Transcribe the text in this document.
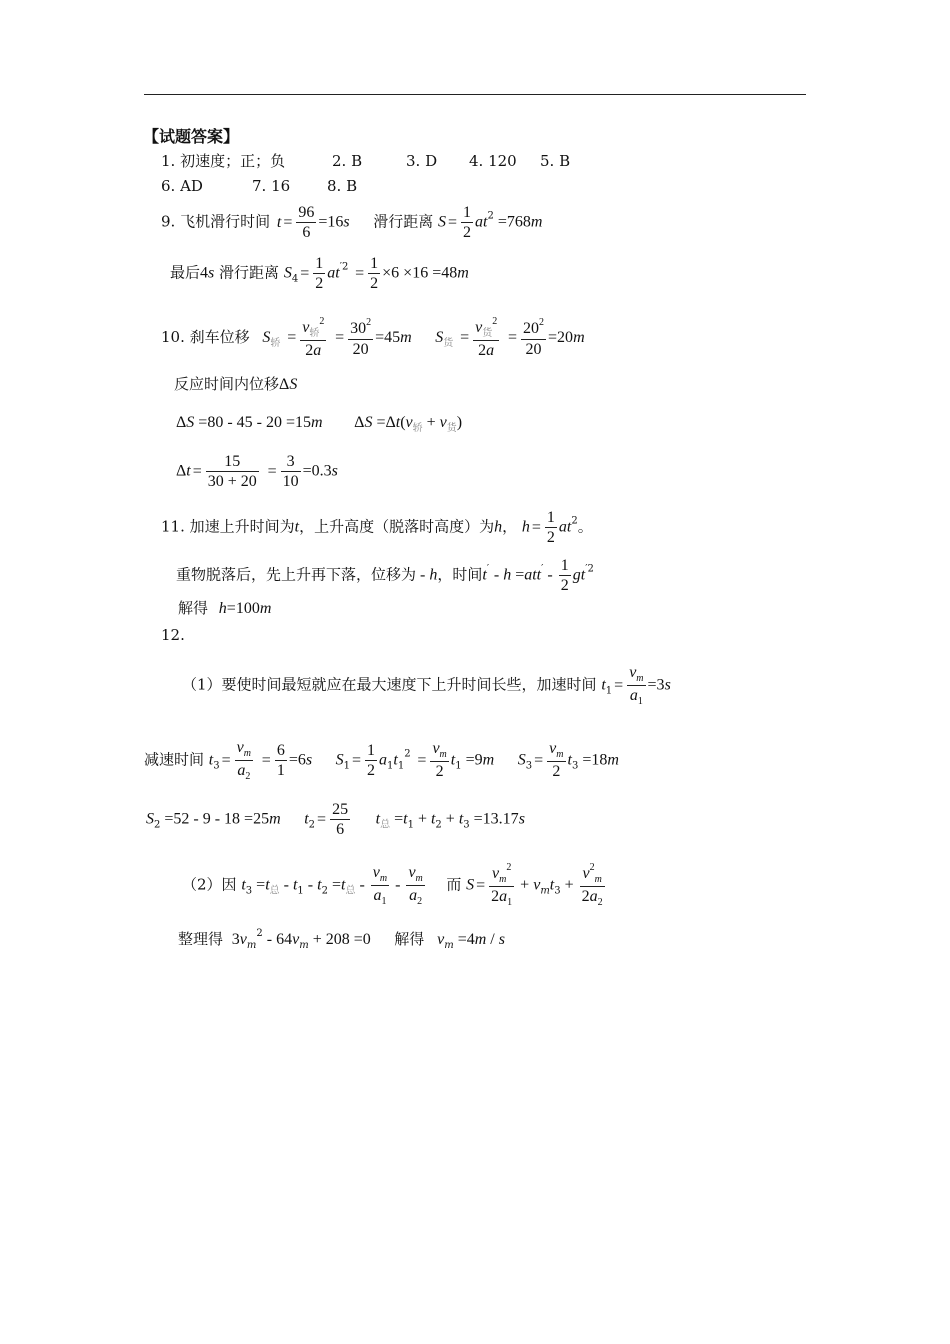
【试题答案】
1. 初速度；正；负	2. B	3. D 4. 120 5. B
6. AD	7. 16 8. B
9. 飞机滑行时间 $t = \frac{96}{6} =16s$ 滑行距离 $S = \frac{1}{2} at^2 =768m$
最后4s 滑行距离 $S_4 = \frac{1}{2} at^{'2} = \frac{1}{2} \times 6 \times 16 =48m$
10. 刹车位移 $S_轿 = \frac{v_轿^2}{2a} = \frac{30^2}{20} =45m$ $S_货 = \frac{v_货^2}{2a} = \frac{20^2}{20} =20m$
反应时间内位移ΔS
ΔS =80 - 45 - 20 =15m $\Delta S =\Delta t(v_轿 + v_货)$
$\Delta t = \frac{15}{30 + 20} = \frac{3}{10} =0.3s$
11. 加速上升时间为t，上升高度（脱落时高度）为h， $h = \frac{1}{2} at^2$。
重物脱落后，先上升再下落，位移为 - h，时间$t' - h =att' - \frac{1}{2} gt^{'2}$
解得 h=100m
12.
（1）要使时间最短就应在最大速度下上升时间长些，加速时间 $t_1 = \frac{v_m}{a_1} =3s$
减速时间 $t_3 = \frac{v_m}{a_2} = \frac{6}{1} =6s$ $S_1 = \frac{1}{2} a_1t_1^2 = \frac{v_m}{2} t_1 =9m$ $S_3 = \frac{v_m}{2} t_3 =18m$
$S_2 =52 - 9 - 18 =25m$ $t_2 = \frac{25}{6} t_总 =t_1 + t_2 + t_3 =13.17s$
（2）因 $t_3 =t_总 - t_1 - t_2 =t_总 - \frac{v_m}{a_1} - \frac{v_m}{a_2}$ 而 $S = \frac{v_m^2}{2a_1} + v_mt_3 + \frac{v^2_m}{2a_2}$
整理得 $3v_m^2 - 64v_m + 208 =0$ 解得 $v_m =4m / s$
